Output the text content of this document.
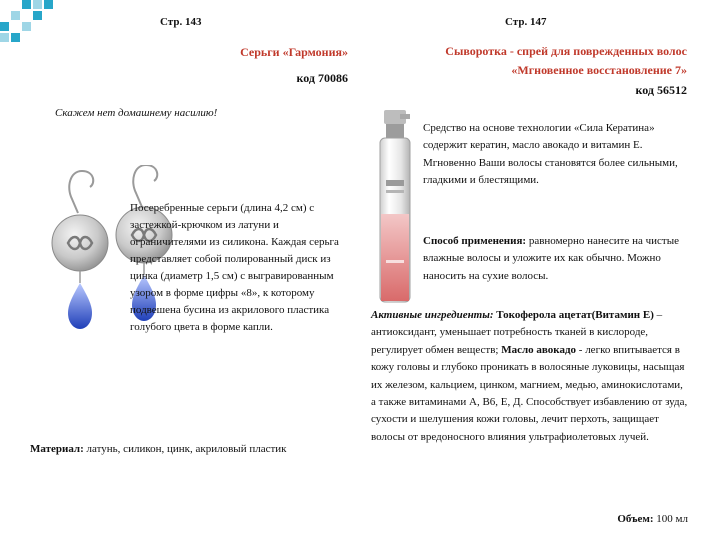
Стр. 143
Серьги «Гармония»
код 70086
Скажем нет домашнему насилию!
Посеребренные серьги (длина 4,2 см) с застежкой-крючком из латуни и ограничителями из силикона. Каждая серьга представляет собой полированный диск из цинка (диаметр 1,5 см) с выгравированным узором в форме цифры «8», к которому подвешена бусина из акрилового пластика голубого цвета в форме капли.
Материал: латунь, силикон, цинк, акриловый пластик
Стр. 147
Сыворотка - спрей для поврежденных волос «Мгновенное восстановление 7»
код 56512
Средство на основе технологии «Сила Кератина» содержит кератин, масло авокадо и витамин Е. Мгновенно Ваши волосы становятся более сильными, гладкими и блестящими.
Способ применения: равномерно нанесите на чистые влажные волосы и уложите их как обычно. Можно наносить на сухие волосы.
Активные ингредиенты: Токоферола ацетат(Витамин Е) – антиоксидант, уменьшает потребность тканей в кислороде, регулирует обмен веществ; Масло авокадо - легко впитывается в кожу головы и глубоко проникать в волосяные луковицы, насыщая их железом, кальцием, цинком, магнием, медью, аминокислотами, а также витаминами А, В6, Е, Д. Способствует избавлению от зуда, сухости и шелушения кожи головы, лечит перхоть, защищает волосы от вредоносного влияния ультрафиолетовых лучей.
Объем: 100 мл
